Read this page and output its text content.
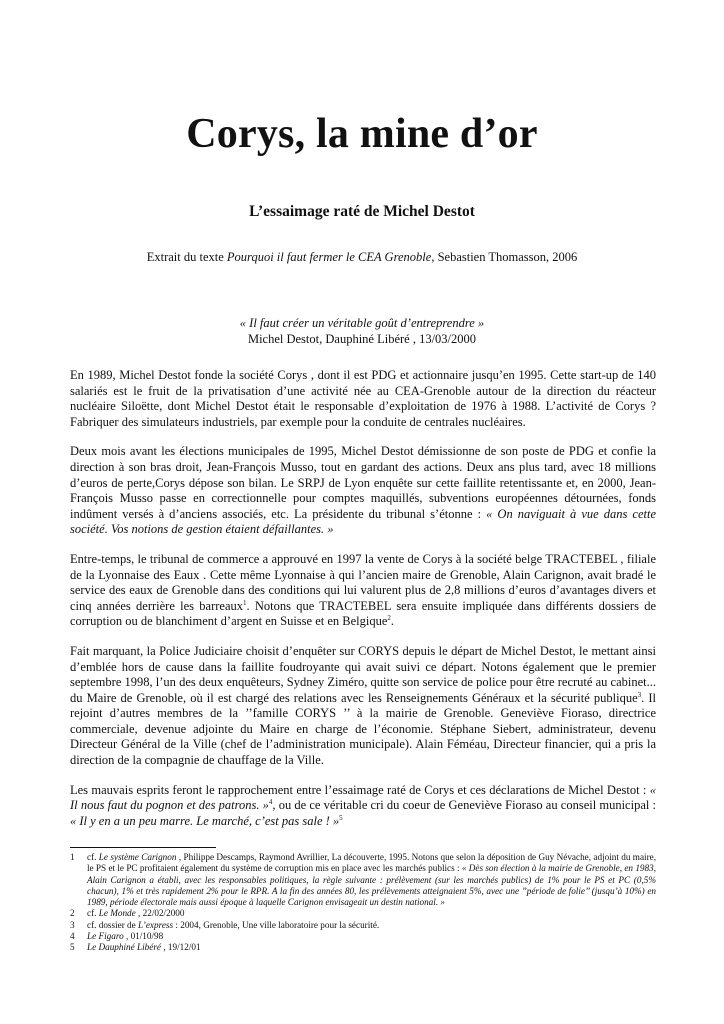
Corys, la mine d’or
L’essaimage raté de Michel Destot
Extrait du texte Pourquoi il faut fermer le CEA Grenoble, Sebastien Thomasson, 2006
« Il faut créer un véritable goût d’entreprendre »
Michel Destot, Dauphiné Libéré , 13/03/2000

En 1989, Michel Destot fonde la société Corys , dont il est PDG et actionnaire jusqu’en 1995. Cette start-up de 140 salariés est le fruit de la privatisation d’une activité née au CEA-Grenoble autour de la direction du réacteur nucléaire Siloëtte, dont Michel Destot était le responsable d’exploitation de 1976 à 1988. L’activité de Corys ? Fabriquer des simulateurs industriels, par exemple pour la conduite de centrales nucléaires.

Deux mois avant les élections municipales de 1995, Michel Destot démissionne de son poste de PDG et confie la direction à son bras droit, Jean-François Musso, tout en gardant des actions. Deux ans plus tard, avec 18 millions d’euros de perte,Corys dépose son bilan. Le SRPJ de Lyon enquête sur cette faillite retentissante et, en 2000, Jean-François Musso passe en correctionnelle pour comptes maquillés, subventions européennes détournées, fonds indûment versés à d’anciens associés, etc. La présidente du tribunal s’étonne : « On naviguait à vue dans cette société. Vos notions de gestion étaient défaillantes. »

Entre-temps, le tribunal de commerce a approuvé en 1997 la vente de Corys à la société belge TRACTEBEL , filiale de la Lyonnaise des Eaux . Cette même Lyonnaise à qui l’ancien maire de Grenoble, Alain Carignon, avait bradé le service des eaux de Grenoble dans des conditions qui lui valurent plus de 2,8 millions d’euros d’avantages divers et cinq années derrière les barreaux$^1$. Notons que TRACTEBEL sera ensuite impliquée dans différents dossiers de corruption ou de blanchiment d’argent en Suisse et en Belgique$^2$.

Fait marquant, la Police Judiciaire choisit d’enquêter sur CORYS depuis le départ de Michel Destot, le mettant ainsi d’emblée hors de cause dans la faillite foudroyante qui avait suivi ce départ. Notons également que le premier septembre 1998, l’un des deux enquêteurs, Sydney Ziméro, quitte son service de police pour être recruté au cabinet... du Maire de Grenoble, où il est chargé des relations avec les Renseignements Généraux et la sécurité publique$^3$. Il rejoint d’autres membres de la ’’famille CORYS ’’ à la mairie de Grenoble. Geneviève Fioraso, directrice commerciale, devenue adjointe du Maire en charge de l’économie. Stéphane Siebert, administrateur, devenu Directeur Général de la Ville (chef de l’administration municipale). Alain Féméau, Directeur financier, qui a pris la direction de la compagnie de chauffage de la Ville.

Les mauvais esprits feront le rapprochement entre l’essaimage raté de Corys et ces déclarations de Michel Destot : « Il nous faut du pognon et des patrons. »$^4$, ou de ce véritable cri du coeur de Geneviève Fioraso au conseil municipal : « Il y en a un peu marre. Le marché, c’est pas sale ! »$^5$

1	cf. Le système Carignon , Philippe Descamps, Raymond Avrillier, La découverte, 1995. Notons que selon la déposition de Guy Névache, adjoint du maire, le PS et le PC profitaient également du système de corruption mis en place avec les marchés publics : « Dès son élection à la mairie de Grenoble, en 1983, Alain Carignon a établi, avec les responsables politiques, la règle suivante : prélèvement (sur les marchés publics) de 1% pour le PS et PC (0,5% chacun), 1% et très rapidement 2% pour le RPR. A la fin des années 80, les prélèvements atteignaient 5%, avec une ’’période de folie’’ (jusqu’à 10%) en 1989, période électorale mais aussi époque à laquelle Carignon envisageait un destin national. »
2	cf. Le Monde , 22/02/2000
3	cf. dossier de L’express : 2004, Grenoble, Une ville laboratoire pour la sécurité.
4	Le Figaro , 01/10/98
5	Le Dauphiné Libéré , 19/12/01
